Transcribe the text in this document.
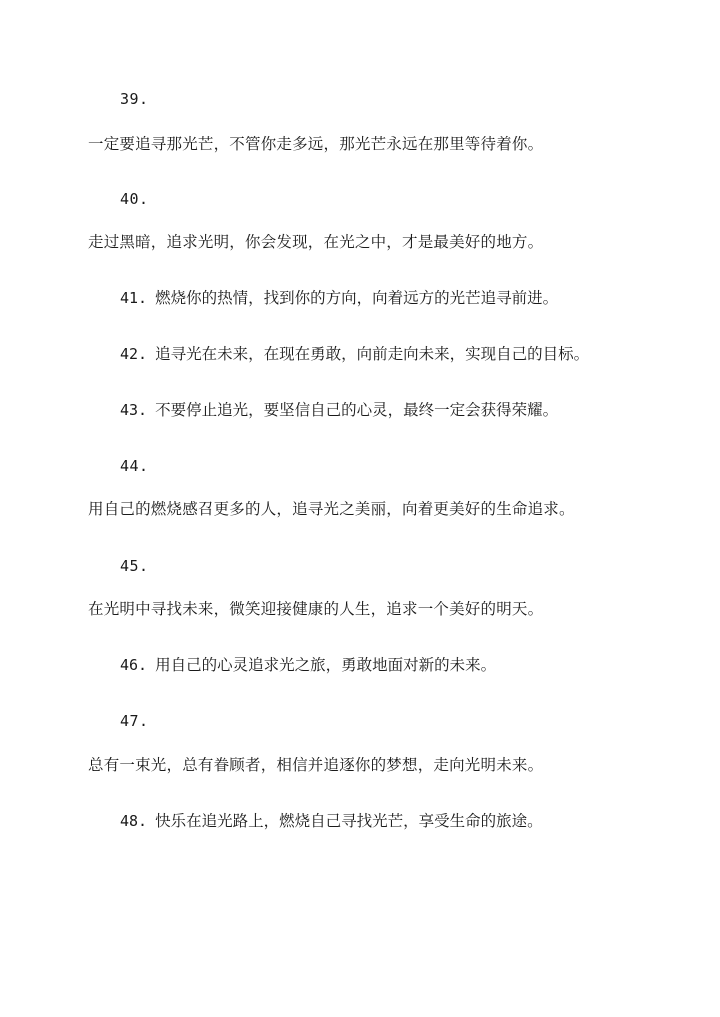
39.
一定要追寻那光芒，不管你走多远，那光芒永远在那里等待着你。
40.
走过黑暗，追求光明，你会发现，在光之中，才是最美好的地方。
41. 燃烧你的热情，找到你的方向，向着远方的光芒追寻前进。
42. 追寻光在未来，在现在勇敢，向前走向未来，实现自己的目标。
43. 不要停止追光，要坚信自己的心灵，最终一定会获得荣耀。
44.
用自己的燃烧感召更多的人，追寻光之美丽，向着更美好的生命追求。
45.
在光明中寻找未来，微笑迎接健康的人生，追求一个美好的明天。
46. 用自己的心灵追求光之旅，勇敢地面对新的未来。
47.
总有一束光，总有眷顾者，相信并追逐你的梦想，走向光明未来。
48. 快乐在追光路上，燃烧自己寻找光芒，享受生命的旅途。
